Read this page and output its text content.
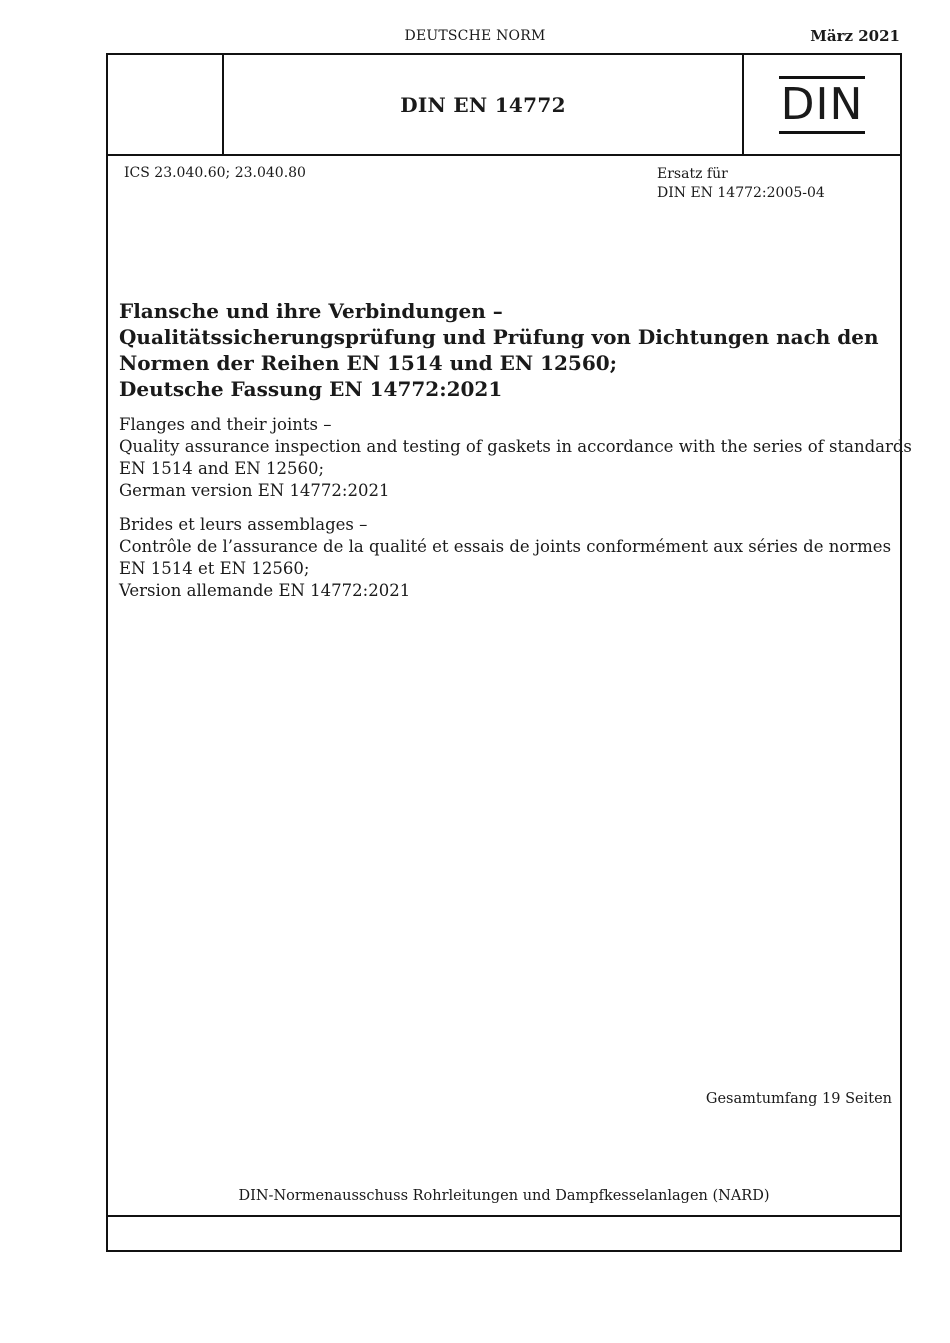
DEUTSCHE NORM	März 2021
DIN EN 14772	DIN
ICS 23.040.60; 23.040.80	Ersatz für
DIN EN 14772:2005-04
Flansche und ihre Verbindungen –
Qualitätssicherungsprüfung und Prüfung von Dichtungen nach den
Normen der Reihen EN 1514 und EN 12560;
Deutsche Fassung EN 14772:2021
Flanges and their joints –
Quality assurance inspection and testing of gaskets in accordance with the series of standards
EN 1514 and EN 12560;
German version EN 14772:2021
Brides et leurs assemblages –
Contrôle de l’assurance de la qualité et essais de joints conformément aux séries de normes
EN 1514 et EN 12560;
Version allemande EN 14772:2021
Gesamtumfang 19 Seiten
DIN-Normenausschuss Rohrleitungen und Dampfkesselanlagen (NARD)
